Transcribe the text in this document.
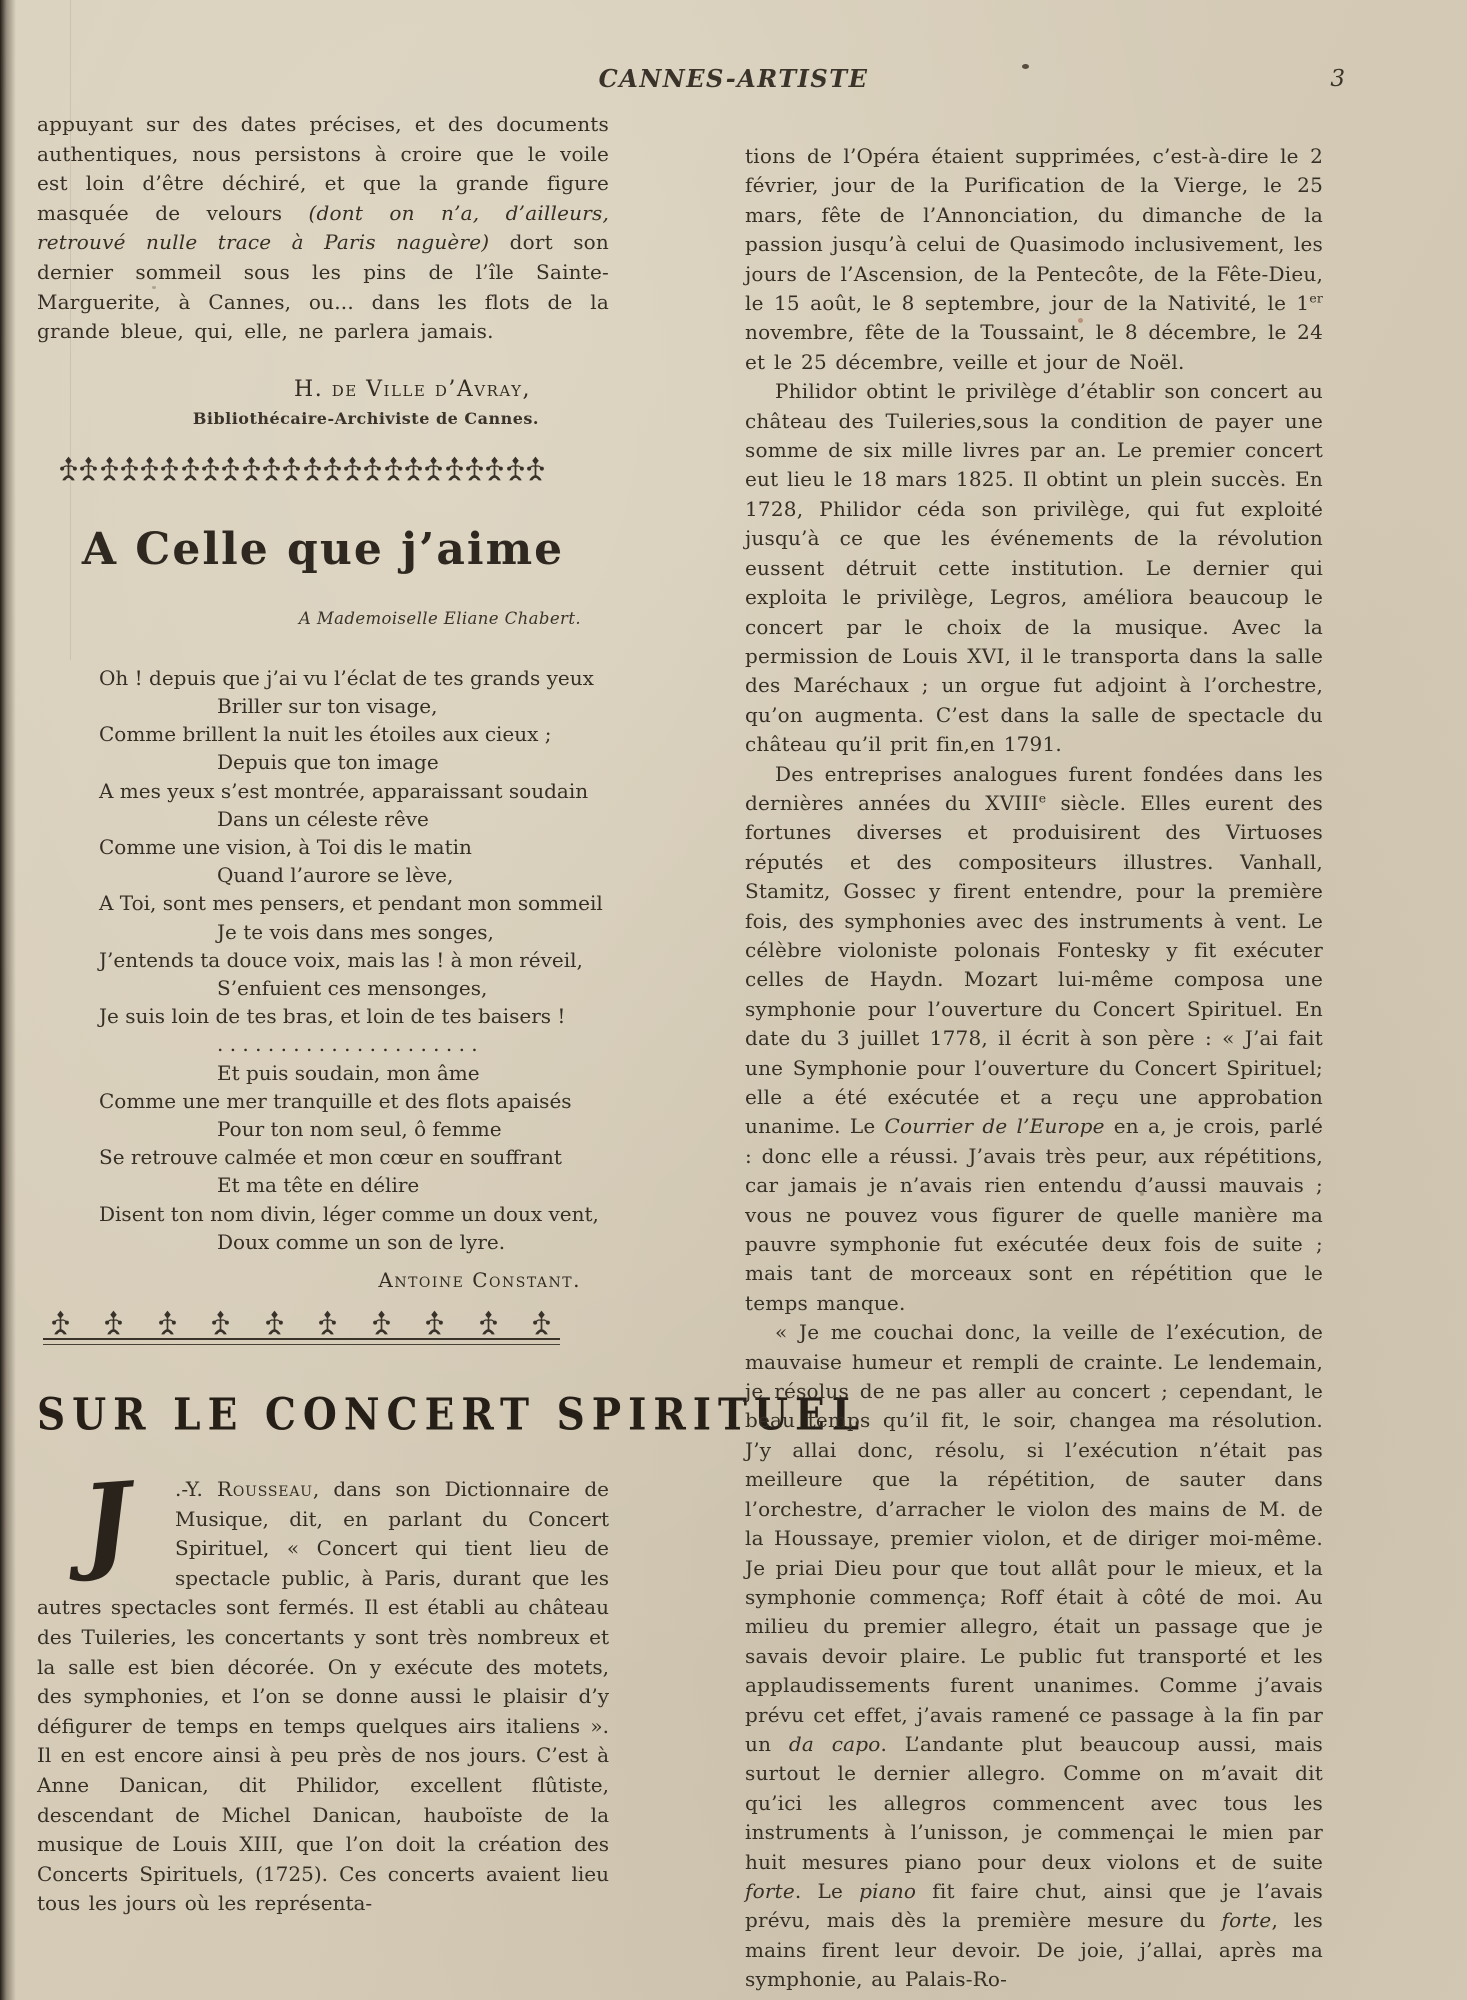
CANNES-ARTISTE	3

appuyant sur des dates précises, et des documents authentiques, nous persistons à croire que le voile est loin d’être déchiré, et que la grande figure masquée de velours (dont on n’a, d’ailleurs, retrouvé nulle trace à Paris naguère) dort son dernier sommeil sous les pins de l’île Sainte-Marguerite, à Cannes, ou... dans les flots de la grande bleue, qui, elle, ne parlera jamais.

H. de Ville d’Avray,
Bibliothécaire-Archiviste de Cannes.
A Celle que j’aime
A Mademoiselle Eliane Chabert.
Oh ! depuis que j’ai vu l’éclat de tes grands yeux
Briller sur ton visage,
Comme brillent la nuit les étoiles aux cieux ;
Depuis que ton image
A mes yeux s’est montrée, apparaissant soudain
Dans un céleste rêve
Comme une vision, à Toi dis le matin
Quand l’aurore se lève,
A Toi, sont mes pensers, et pendant mon sommeil
Je te vois dans mes songes,
J’entends ta douce voix, mais las ! à mon réveil,
S’enfuient ces mensonges,
Je suis loin de tes bras, et loin de tes baisers !
. . . . . . . . . . . . . . . . . . . . .
Et puis soudain, mon âme
Comme une mer tranquille et des flots apaisés
Pour ton nom seul, ô femme
Se retrouve calmée et mon cœur en souffrant
Et ma tête en délire
Disent ton nom divin, léger comme un doux vent,
Doux comme un son de lyre.
Antoine Constant.
SUR LE CONCERT SPIRITUEL
J	.-Y. Rousseau, dans son Dictionnaire de Musique, dit, en parlant du Concert Spirituel, « Concert qui tient lieu de spectacle public, à Paris, durant que les autres spectacles sont fermés. Il est établi au château des Tuileries, les concertants y sont très nombreux et la salle est bien décorée. On y exécute des motets, des symphonies, et l’on se donne aussi le plaisir d’y défigurer de temps en temps quelques airs italiens ». Il en est encore ainsi à peu près de nos jours. C’est à Anne Danican, dit Philidor, excellent flûtiste, descendant de Michel Danican, hauboïste de la musique de Louis XIII, que l’on doit la création des Concerts Spirituels, (1725). Ces concerts avaient lieu tous les jours où les représenta-

tions de l’Opéra étaient supprimées, c’est-à-dire le 2 février, jour de la Purification de la Vierge, le 25 mars, fête de l’Annonciation, du dimanche de la passion jusqu’à celui de Quasimodo inclusivement, les jours de l’Ascension, de la Pentecôte, de la Fête-Dieu, le 15 août, le 8 septembre, jour de la Nativité, le 1er novembre, fête de la Toussaint, le 8 décembre, le 24 et le 25 décembre, veille et jour de Noël.

Philidor obtint le privilège d’établir son concert au château des Tuileries,sous la condition de payer une somme de six mille livres par an. Le premier concert eut lieu le 18 mars 1825. Il obtint un plein succès. En 1728, Philidor céda son privilège, qui fut exploité jusqu’à ce que les événements de la révolution eussent détruit cette institution. Le dernier qui exploita le privilège, Legros, améliora beaucoup le concert par le choix de la musique. Avec la permission de Louis XVI, il le transporta dans la salle des Maréchaux ; un orgue fut adjoint à l’orchestre, qu’on augmenta. C’est dans la salle de spectacle du château qu’il prit fin,en 1791.

Des entreprises analogues furent fondées dans les dernières années du XVIIIe siècle. Elles eurent des fortunes diverses et produisirent des Virtuoses réputés et des compositeurs illustres. Vanhall, Stamitz, Gossec y firent entendre, pour la première fois, des symphonies avec des instruments à vent. Le célèbre violoniste polonais Fontesky y fit exécuter celles de Haydn. Mozart lui-même composa une symphonie pour l’ouverture du Concert Spirituel. En date du 3 juillet 1778, il écrit à son père : « J’ai fait une Symphonie pour l’ouverture du Concert Spirituel; elle a été exécutée et a reçu une approbation unanime. Le Courrier de l’Europe en a, je crois, parlé : donc elle a réussi. J’avais très peur, aux répétitions, car jamais je n’avais rien entendu d’aussi mauvais ; vous ne pouvez vous figurer de quelle manière ma pauvre symphonie fut exécutée deux fois de suite ; mais tant de morceaux sont en répétition que le temps manque.

« Je me couchai donc, la veille de l’exécution, de mauvaise humeur et rempli de crainte. Le lendemain, je résolus de ne pas aller au concert ; cependant, le beau temps qu’il fit, le soir, changea ma résolution. J’y allai donc, résolu, si l’exécution n’était pas meilleure que la répétition, de sauter dans l’orchestre, d’arracher le violon des mains de M. de la Houssaye, premier violon, et de diriger moi-même. Je priai Dieu pour que tout allât pour le mieux, et la symphonie commença; Roff était à côté de moi. Au milieu du premier allegro, était un passage que je savais devoir plaire. Le public fut transporté et les applaudissements furent unanimes. Comme j’avais prévu cet effet, j’avais ramené ce passage à la fin par un da capo. L’andante plut beaucoup aussi, mais surtout le dernier allegro. Comme on m’avait dit qu’ici les allegros commencent avec tous les instruments à l’unisson, je commençai le mien par huit mesures piano pour deux violons et de suite forte. Le piano fit faire chut, ainsi que je l’avais prévu, mais dès la première mesure du forte, les mains firent leur devoir. De joie, j’allai, après ma symphonie, au Palais-Ro-
